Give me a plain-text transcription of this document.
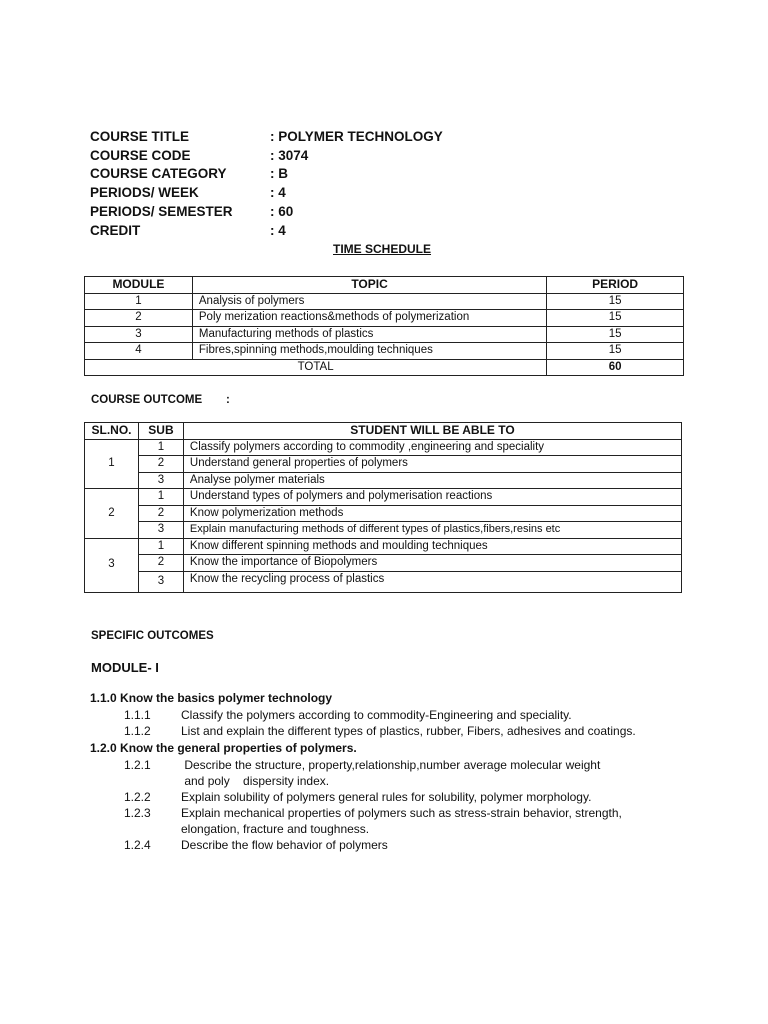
COURSE TITLE	: POLYMER TECHNOLOGY
COURSE CODE	: 3074
COURSE CATEGORY	: B
PERIODS/ WEEK	: 4
PERIODS/ SEMESTER	: 60
CREDIT	: 4
TIME SCHEDULE
MODULE	TOPIC	PERIOD
1	Analysis of polymers	15
2	Poly merization reactions&methods of polymerization	15
3	Manufacturing methods of plastics	15
4	Fibres,spinning methods,moulding techniques	15
TOTAL		60
COURSE OUTCOME :
SL.NO.	SUB	STUDENT WILL BE ABLE TO
1	1	Classify polymers according to commodity ,engineering and speciality
	2	Understand general properties of polymers
	3	Analyse polymer materials
2	1	Understand types of polymers and polymerisation reactions
	2	Know polymerization methods
	3	Explain manufacturing methods of different types of plastics,fibers,resins etc
3	1	Know different spinning methods and moulding techniques
	2	Know the importance of Biopolymers
	3	Know the recycling process of plastics
SPECIFIC OUTCOMES
MODULE- I
1.1.0 Know the basics polymer technology
1.1.1	Classify the polymers according to commodity-Engineering and speciality.
1.1.2	List and explain the different types of plastics, rubber, Fibers, adhesives and coatings.
1.2.0 Know the general properties of polymers.
1.2.1	Describe the structure, property,relationship,number average molecular weight
and poly    dispersity index.
1.2.2	Explain solubility of polymers general rules for solubility, polymer morphology.
1.2.3	Explain mechanical properties of polymers such as stress-strain behavior, strength,
elongation, fracture and toughness.
1.2.4	Describe the flow behavior of polymers
